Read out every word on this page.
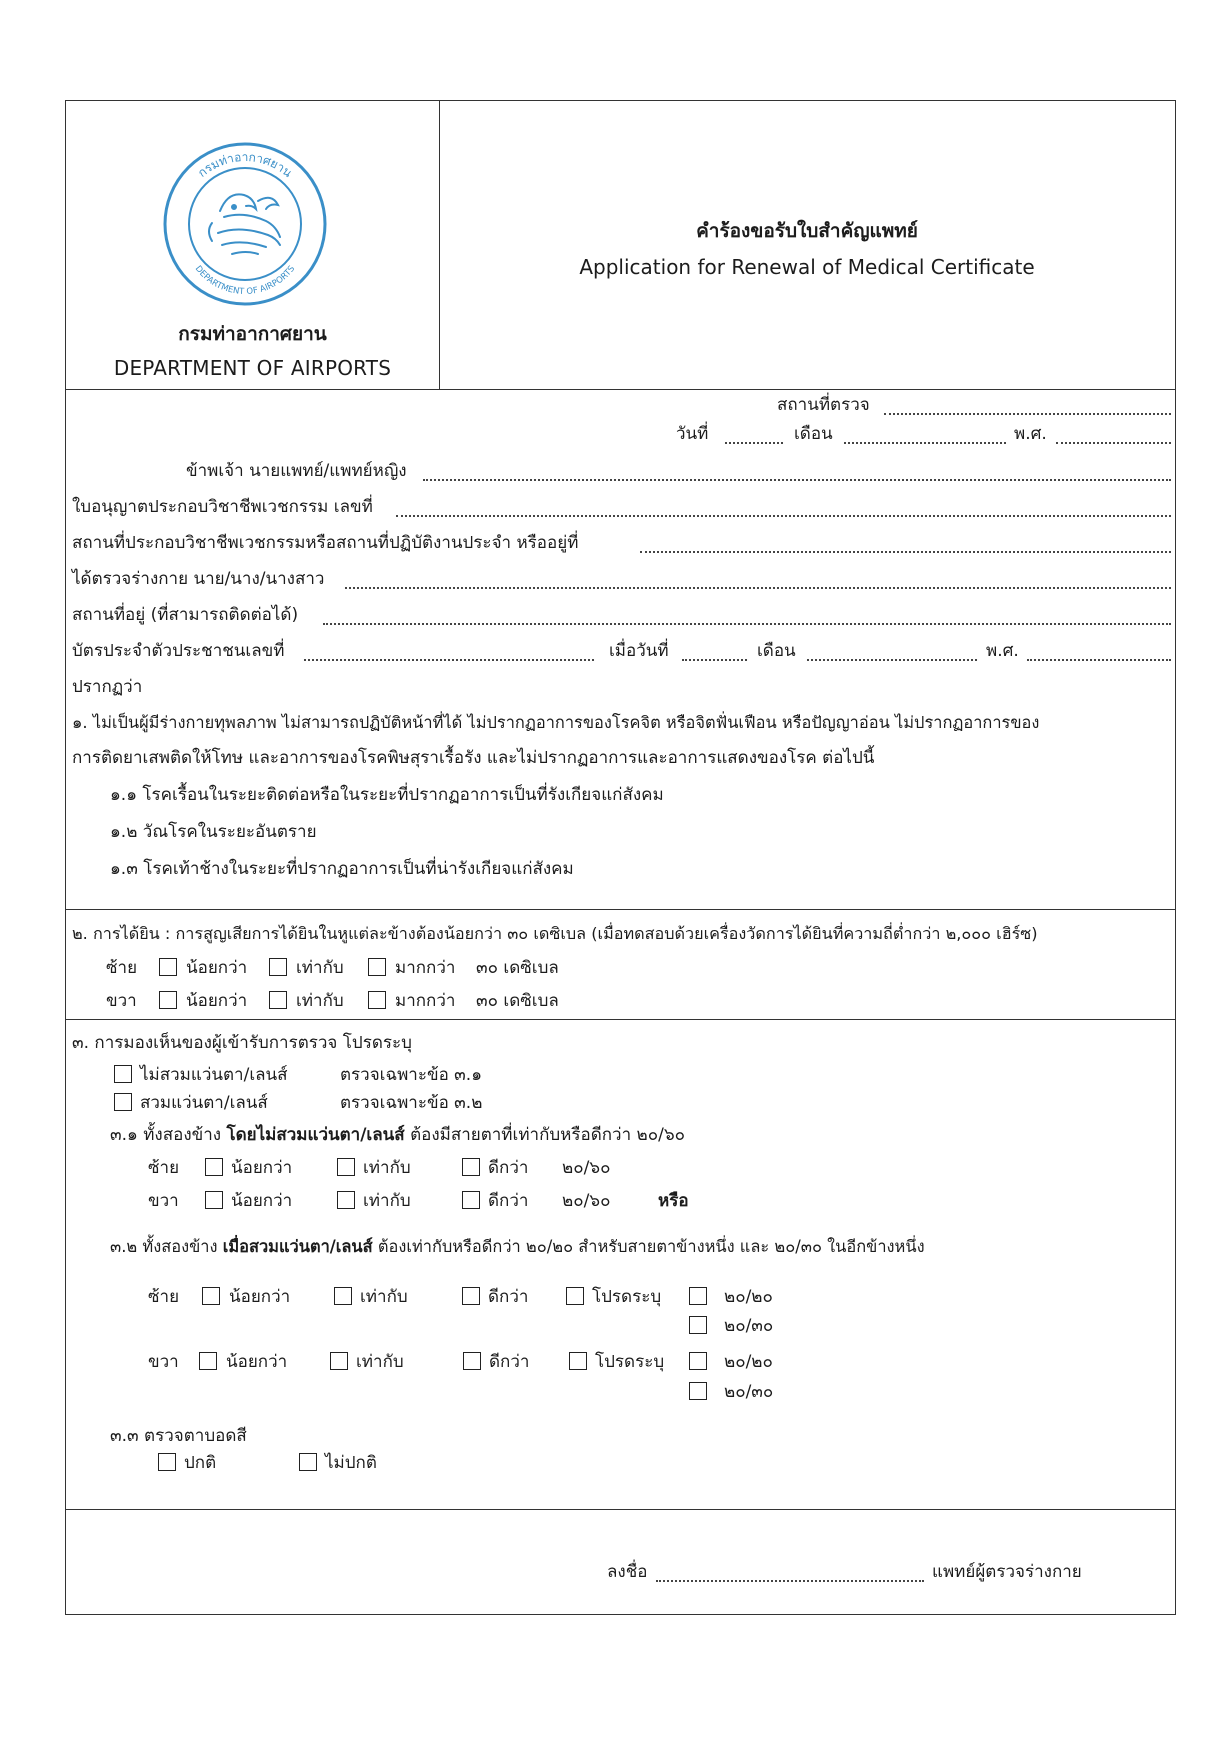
กรมท่าอากาศยาน
DEPARTMENT OF AIRPORTS
กรมท่าอากาศยาน
DEPARTMENT OF AIRPORTS
คำร้องขอรับใบสำคัญแพทย์
Application for Renewal of Medical Certificate
สถานที่ตรวจ
วันที่	เดือน	พ.ศ.
ข้าพเจ้า นายแพทย์/แพทย์หญิง
ใบอนุญาตประกอบวิชาชีพเวชกรรม เลขที่
สถานที่ประกอบวิชาชีพเวชกรรมหรือสถานที่ปฏิบัติงานประจำ หรืออยู่ที่
ได้ตรวจร่างกาย นาย/นาง/นางสาว
สถานที่อยู่ (ที่สามารถติดต่อได้)
บัตรประจำตัวประชาชนเลขที่	เมื่อวันที่	เดือน	พ.ศ.
ปรากฏว่า
๑. ไม่เป็นผู้มีร่างกายทุพลภาพ ไม่สามารถปฏิบัติหน้าที่ได้ ไม่ปรากฏอาการของโรคจิต หรือจิตฟั่นเฟือน หรือปัญญาอ่อน ไม่ปรากฏอาการของ
การติดยาเสพติดให้โทษ และอาการของโรคพิษสุราเรื้อรัง และไม่ปรากฏอาการและอาการแสดงของโรค ต่อไปนี้
๑.๑ โรคเรื้อนในระยะติดต่อหรือในระยะที่ปรากฏอาการเป็นที่รังเกียจแก่สังคม
๑.๒ วัณโรคในระยะอันตราย
๑.๓ โรคเท้าช้างในระยะที่ปรากฏอาการเป็นที่น่ารังเกียจแก่สังคม
๒. การได้ยิน : การสูญเสียการได้ยินในหูแต่ละข้างต้องน้อยกว่า ๓๐ เดซิเบล (เมื่อทดสอบด้วยเครื่องวัดการได้ยินที่ความถี่ต่ำกว่า ๒,๐๐๐ เฮิร์ซ)
ซ้าย	น้อยกว่า	เท่ากับ	มากกว่า ๓๐ เดซิเบล
ขวา	น้อยกว่า	เท่ากับ	มากกว่า ๓๐ เดซิเบล
๓. การมองเห็นของผู้เข้ารับการตรวจ โปรดระบุ
ไม่สวมแว่นตา/เลนส์	ตรวจเฉพาะข้อ ๓.๑
สวมแว่นตา/เลนส์	ตรวจเฉพาะข้อ ๓.๒
๓.๑ ทั้งสองข้าง โดยไม่สวมแว่นตา/เลนส์ ต้องมีสายตาที่เท่ากับหรือดีกว่า ๒๐/๖๐
ซ้าย	น้อยกว่า	เท่ากับ	ดีกว่า ๒๐/๖๐
ขวา	น้อยกว่า	เท่ากับ	ดีกว่า ๒๐/๖๐	หรือ
๓.๒ ทั้งสองข้าง เมื่อสวมแว่นตา/เลนส์ ต้องเท่ากับหรือดีกว่า ๒๐/๒๐ สำหรับสายตาข้างหนึ่ง และ ๒๐/๓๐ ในอีกข้างหนึ่ง
ซ้าย	น้อยกว่า	เท่ากับ	ดีกว่า	โปรดระบุ	๒๐/๒๐
๒๐/๓๐
ขวา	น้อยกว่า	เท่ากับ	ดีกว่า	โปรดระบุ	๒๐/๒๐
๒๐/๓๐
๓.๓ ตรวจตาบอดสี
ปกติ	ไม่ปกติ
ลงชื่อ	แพทย์ผู้ตรวจร่างกาย
